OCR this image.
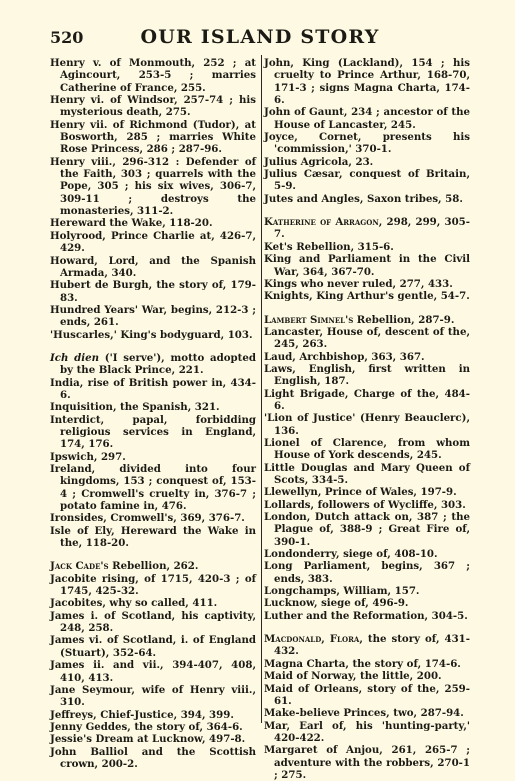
520	OUR ISLAND STORY

Henry v. of Monmouth, 252 ; at Agincourt, 253-5 ; marries Catherine of France, 255.

Henry vi. of Windsor, 257-74 ; his mysterious death, 275.

Henry vii. of Richmond (Tudor), at Bosworth, 285 ; marries White Rose Princess, 286 ; 287-96.

Henry viii., 296-312 : Defender of the Faith, 303 ; quarrels with the Pope, 305 ; his six wives, 306-7, 309-11 ; destroys the monasteries, 311-2.

Hereward the Wake, 118-20.

Holyrood, Prince Charlie at, 426-7, 429.

Howard, Lord, and the Spanish Armada, 340.

Hubert de Burgh, the story of, 179-83.

Hundred Years' War, begins, 212-3 ; ends, 261.

'Huscarles,' King's bodyguard, 103.

Ich dien ('I serve'), motto adopted by the Black Prince, 221.

India, rise of British power in, 434-6.

Inquisition, the Spanish, 321.

Interdict, papal, forbidding religious services in England, 174, 176.

Ipswich, 297.

Ireland, divided into four kingdoms, 153 ; conquest of, 153-4 ; Cromwell's cruelty in, 376-7 ; potato famine in, 476.

Ironsides, Cromwell's, 369, 376-7.

Isle of Ely, Hereward the Wake in the, 118-20.

Jack Cade's Rebellion, 262.

Jacobite rising, of 1715, 420-3 ; of 1745, 425-32.

Jacobites, why so called, 411.

James i. of Scotland, his captivity, 248, 258.

James vi. of Scotland, i. of England (Stuart), 352-64.

James ii. and vii., 394-407, 408, 410, 413.

Jane Seymour, wife of Henry viii., 310.

Jeffreys, Chief-Justice, 394, 399.

Jenny Geddes, the story of, 364-6.

Jessie's Dream at Lucknow, 497-8.

John Balliol and the Scottish crown, 200-2.

John, King (Lackland), 154 ; his cruelty to Prince Arthur, 168-70, 171-3 ; signs Magna Charta, 174-6.

John of Gaunt, 234 ; ancestor of the House of Lancaster, 245.

Joyce, Cornet, presents his 'commission,' 370-1.

Julius Agricola, 23.

Julius Cæsar, conquest of Britain, 5-9.

Jutes and Angles, Saxon tribes, 58.

Katherine of Arragon, 298, 299, 305-7.

Ket's Rebellion, 315-6.

King and Parliament in the Civil War, 364, 367-70.

Kings who never ruled, 277, 433.

Knights, King Arthur's gentle, 54-7.

Lambert Simnel's Rebellion, 287-9.

Lancaster, House of, descent of the, 245, 263.

Laud, Archbishop, 363, 367.

Laws, English, first written in English, 187.

Light Brigade, Charge of the, 484-6.

'Lion of Justice' (Henry Beauclerc), 136.

Lionel of Clarence, from whom House of York descends, 245.

Little Douglas and Mary Queen of Scots, 334-5.

Llewellyn, Prince of Wales, 197-9.

Lollards, followers of Wycliffe, 303.

London, Dutch attack on, 387 ; the Plague of, 388-9 ; Great Fire of, 390-1.

Londonderry, siege of, 408-10.

Long Parliament, begins, 367 ; ends, 383.

Longchamps, William, 157.

Lucknow, siege of, 496-9.

Luther and the Reformation, 304-5.

Macdonald, Flora, the story of, 431-432.

Magna Charta, the story of, 174-6.

Maid of Norway, the little, 200.

Maid of Orleans, story of the, 259-61.

Make-believe Princes, two, 287-94.

Mar, Earl of, his 'hunting-party,' 420-422.

Margaret of Anjou, 261, 265-7 ; adventure with the robbers, 270-1 ; 275.
